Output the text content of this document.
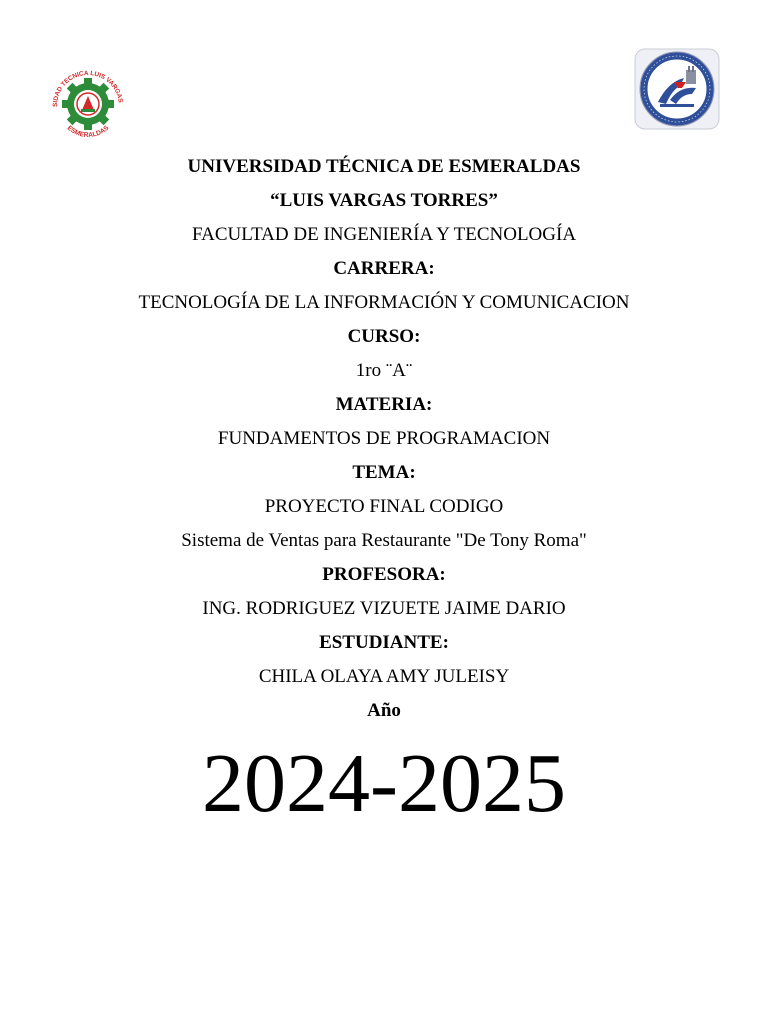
SIDAD TECNICA LUIS VARGAS
ESMERALDAS
UNIVERSIDAD TÉCNICA DE ESMERALDAS
“LUIS VARGAS TORRES”
FACULTAD DE INGENIERÍA Y TECNOLOGÍA
CARRERA:
TECNOLOGÍA DE LA INFORMACIÓN Y COMUNICACION
CURSO:
1ro ¨A¨
MATERIA:
FUNDAMENTOS DE PROGRAMACION
TEMA:
PROYECTO FINAL CODIGO
Sistema de Ventas para Restaurante "De Tony Roma"
PROFESORA:
ING. RODRIGUEZ VIZUETE JAIME DARIO
ESTUDIANTE:
CHILA OLAYA AMY JULEISY
Año
2024-2025
